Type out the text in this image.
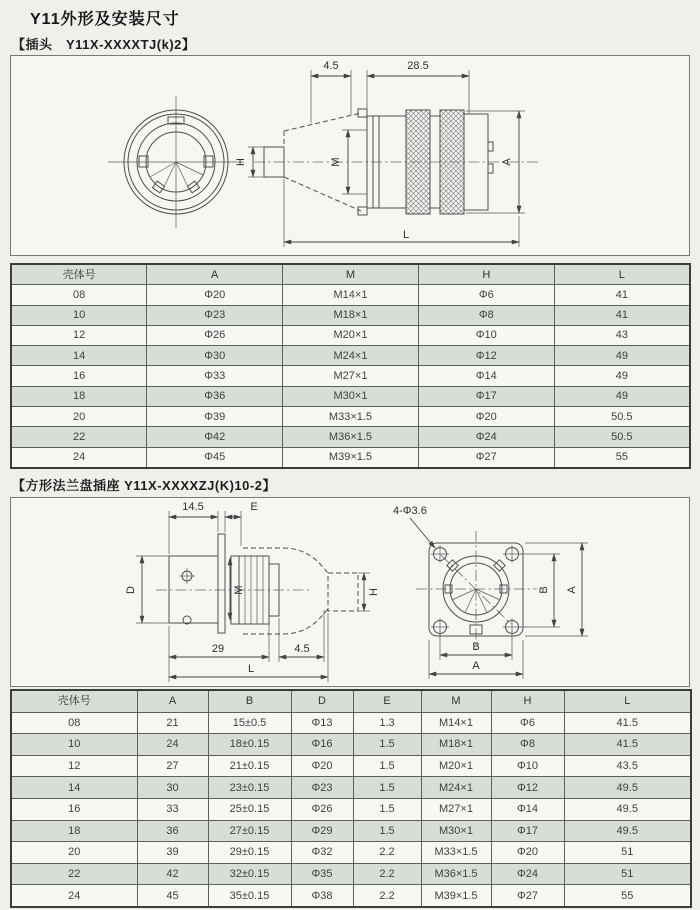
Y11外形及安装尺寸
【插头　Y11X-XXXXTJ(k)2】
H	M	A
4.5	28.5
L
壳体号	A	M	H	L
08	Φ20	M14×1	Φ6	41
10	Φ23	M18×1	Φ8	41
12	Φ26	M20×1	Φ10	43
14	Φ30	M24×1	Φ12	49
16	Φ33	M27×1	Φ14	49
18	Φ36	M30×1	Φ17	49
20	Φ39	M33×1.5	Φ20	50.5
22	Φ42	M36×1.5	Φ24	50.5
24	Φ45	M39×1.5	Φ27	55
【方形法兰盘插座 Y11X-XXXXZJ(K)10-2】
14.5	E
D	M	H
29	4.5
L
4-Φ3.6
B A
B
A
壳体号	A	B	D	E	M	H	L
08	21	15±0.5	Φ13	1.3	M14×1	Φ6	41.5
10	24	18±0.15	Φ16	1.5	M18×1	Φ8	41.5
12	27	21±0.15	Φ20	1.5	M20×1	Φ10	43.5
14	30	23±0.15	Φ23	1.5	M24×1	Φ12	49.5
16	33	25±0.15	Φ26	1.5	M27×1	Φ14	49.5
18	36	27±0.15	Φ29	1.5	M30×1	Φ17	49.5
20	39	29±0.15	Φ32	2.2	M33×1.5	Φ20	51
22	42	32±0.15	Φ35	2.2	M36×1.5	Φ24	51
24	45	35±0.15	Φ38	2.2	M39×1.5	Φ27	55
